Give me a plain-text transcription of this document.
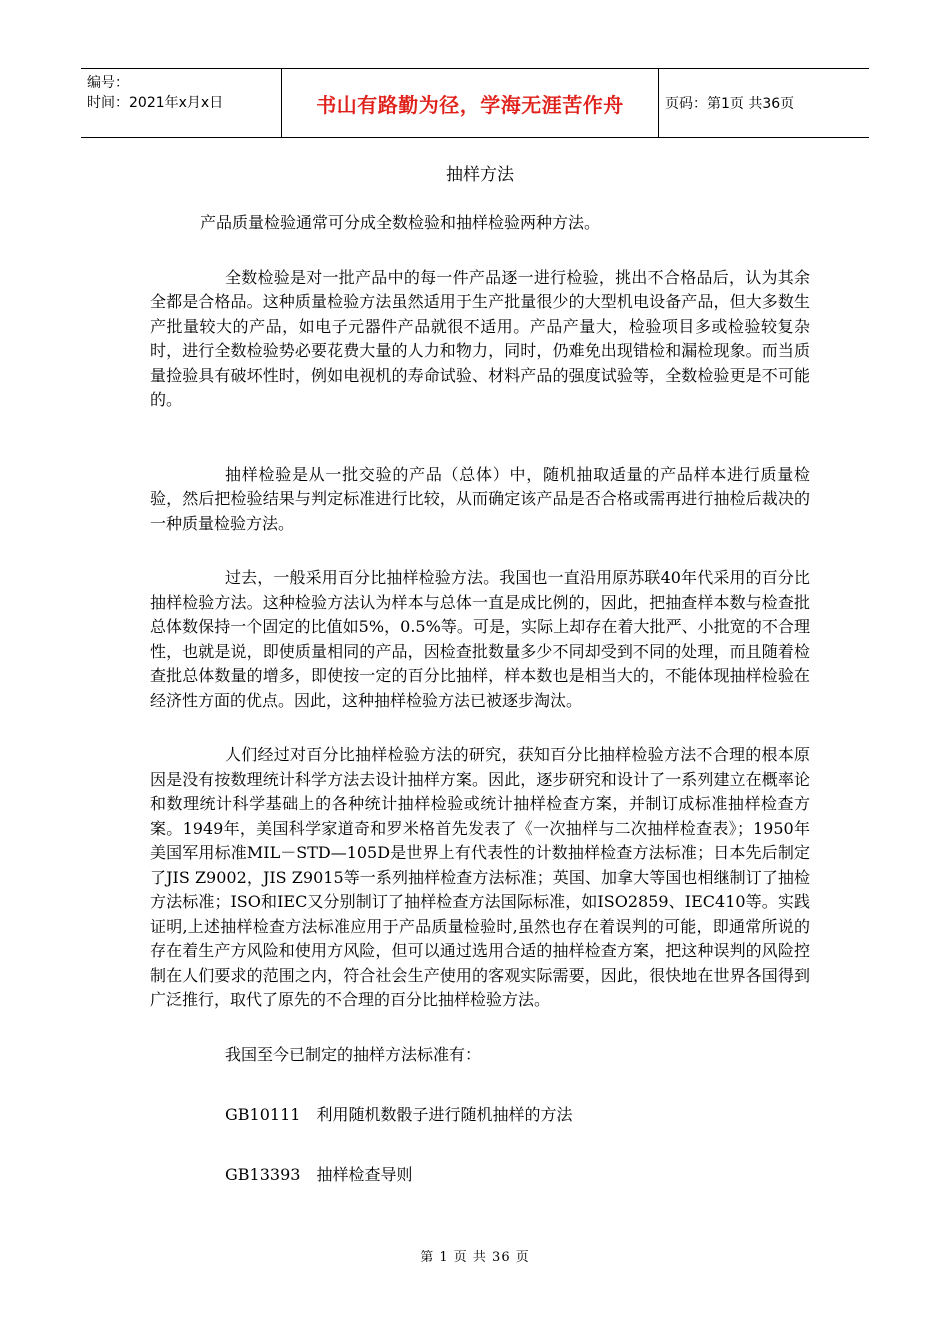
编号：
时间：2021年x月x日	书山有路勤为径，学海无涯苦作舟	页码：第1页 共36页
抽样方法

产品质量检验通常可分成全数检验和抽样检验两种方法。

全数检验是对一批产品中的每一件产品逐一进行检验，挑出不合格品后，认为其余全都是合格品。这种质量检验方法虽然适用于生产批量很少的大型机电设备产品，但大多数生产批量较大的产品，如电子元器件产品就很不适用。产品产量大，检验项目多或检验较复杂时，进行全数检验势必要花费大量的人力和物力，同时，仍难免出现错检和漏检现象。而当质量捡验具有破坏性时，例如电视机的寿命试验、材料产品的强度试验等，全数检验更是不可能的。

抽样检验是从一批交验的产品（总体）中，随机抽取适量的产品样本进行质量检验，然后把检验结果与判定标准进行比较，从而确定该产品是否合格或需再进行抽检后裁决的一种质量检验方法。

过去，一般采用百分比抽样检验方法。我国也一直沿用原苏联40年代采用的百分比抽样检验方法。这种检验方法认为样本与总体一直是成比例的，因此，把抽查样本数与检查批总体数保持一个固定的比值如5%，0.5%等。可是，实际上却存在着大批严、小批宽的不合理性，也就是说，即使质量相同的产品，因检查批数量多少不同却受到不同的处理，而且随着检查批总体数量的增多，即使按一定的百分比抽样，样本数也是相当大的，不能体现抽样检验在经济性方面的优点。因此，这种抽样检验方法已被逐步淘汰。

人们经过对百分比抽样检验方法的研究，获知百分比抽样检验方法不合理的根本原因是没有按数理统计科学方法去设计抽样方案。因此，逐步研究和设计了一系列建立在概率论和数理统计科学基础上的各种统计抽样检验或统计抽样检查方案，并制订成标准抽样检查方案。1949年，美国科学家道奇和罗米格首先发表了《一次抽样与二次抽样检查表》；1950年美国军用标准MIL－STD—105D是世界上有代表性的计数抽样检查方法标准；日本先后制定了JIS Z9002，JIS Z9015等一系列抽样检查方法标准；英国、加拿大等国也相继制订了抽检方法标准；ISO和IEC又分别制订了抽样检查方法国际标准，如ISO2859、IEC410等。实践证明,上述抽样检查方法标准应用于产品质量检验时,虽然也存在着误判的可能，即通常所说的存在着生产方风险和使用方风险，但可以通过选用合适的抽样检查方案，把这种误判的风险控制在人们要求的范围之内，符合社会生产使用的客观实际需要，因此，很快地在世界各国得到广泛推行，取代了原先的不合理的百分比抽样检验方法。

我国至今已制定的抽样方法标准有：

GB10111　利用随机数骰子进行随机抽样的方法

GB13393　抽样检查导则

第 1 页 共 36 页
